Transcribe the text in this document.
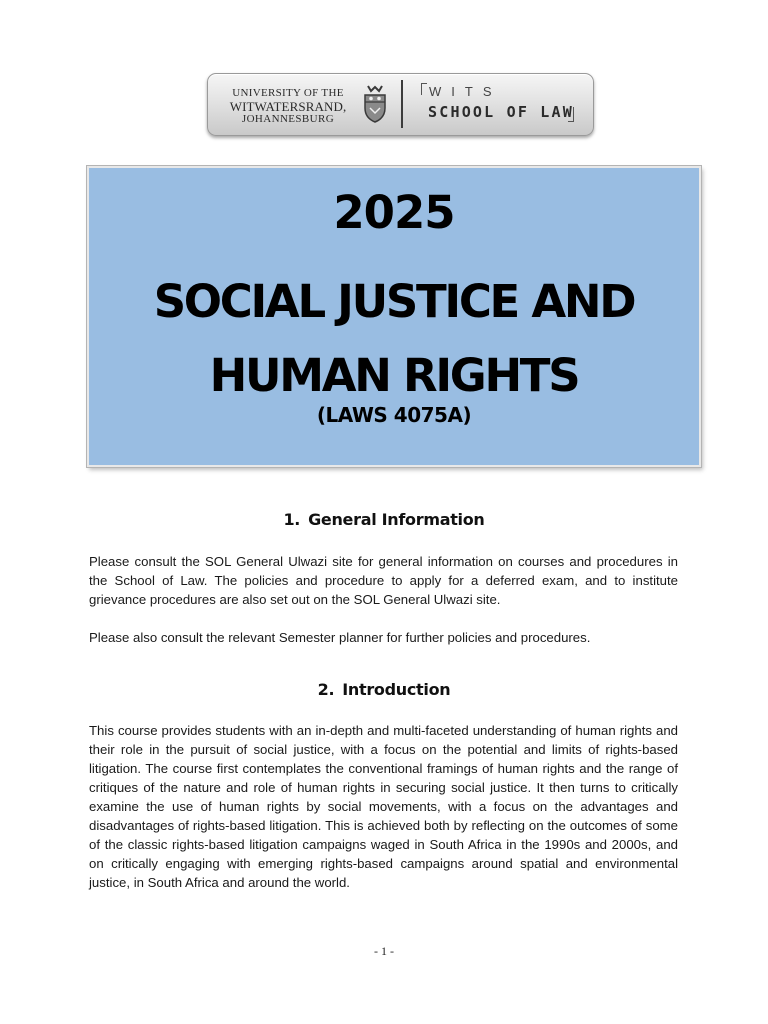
UNIVERSITY OF THE
WITWATERSRAND,
JOHANNESBURG
WITS
SCHOOL OF LAW
2025
SOCIAL JUSTICE AND
HUMAN RIGHTS
(LAWS 4075A)
1. General Information

Please consult the SOL General Ulwazi site for general information on courses and procedures in the School of Law. The policies and procedure to apply for a deferred exam, and to institute grievance procedures are also set out on the SOL General Ulwazi site.

Please also consult the relevant Semester planner for further policies and procedures.

2. Introduction

This course provides students with an in-depth and multi-faceted understanding of human rights and their role in the pursuit of social justice, with a focus on the potential and limits of rights-based litigation. The course first contemplates the conventional framings of human rights and the range of critiques of the nature and role of human rights in securing social justice. It then turns to critically examine the use of human rights by social movements, with a focus on the advantages and disadvantages of rights-based litigation. This is achieved both by reflecting on the outcomes of some of the classic rights-based litigation campaigns waged in South Africa in the 1990s and 2000s, and on critically engaging with emerging rights-based campaigns around spatial and environmental justice, in South Africa and around the world.

- 1 -
